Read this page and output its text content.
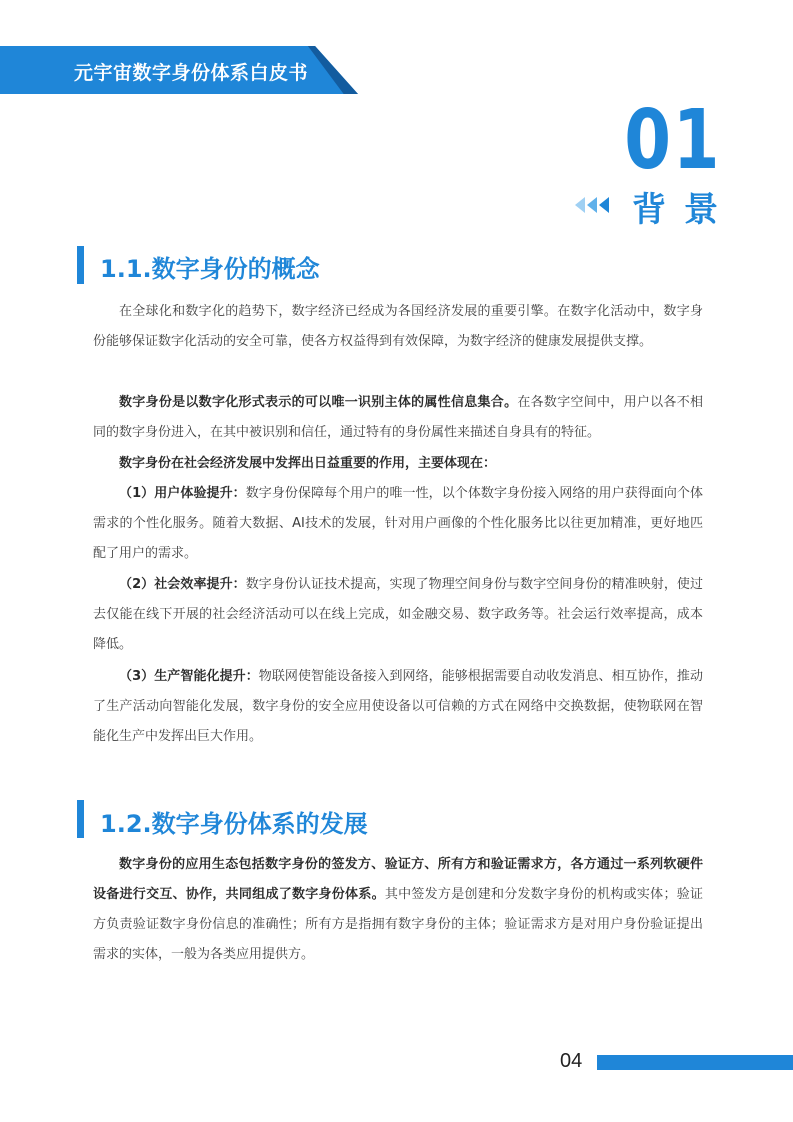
元宇宙数字身份体系白皮书
01
背景
1.1.数字身份的概念

在全球化和数字化的趋势下，数字经济已经成为各国经济发展的重要引擎。在数字化活动中，数字身份能够保证数字化活动的安全可靠，使各方权益得到有效保障，为数字经济的健康发展提供支撑。

数字身份是以数字化形式表示的可以唯一识别主体的属性信息集合。在各数字空间中，用户以各不相同的数字身份进入，在其中被识别和信任，通过特有的身份属性来描述自身具有的特征。

数字身份在社会经济发展中发挥出日益重要的作用，主要体现在：

（1）用户体验提升：数字身份保障每个用户的唯一性，以个体数字身份接入网络的用户获得面向个体需求的个性化服务。随着大数据、AI技术的发展，针对用户画像的个性化服务比以往更加精准，更好地匹配了用户的需求。

（2）社会效率提升：数字身份认证技术提高，实现了物理空间身份与数字空间身份的精准映射，使过去仅能在线下开展的社会经济活动可以在线上完成，如金融交易、数字政务等。社会运行效率提高，成本降低。

（3）生产智能化提升：物联网使智能设备接入到网络，能够根据需要自动收发消息、相互协作，推动了生产活动向智能化发展，数字身份的安全应用使设备以可信赖的方式在网络中交换数据，使物联网在智能化生产中发挥出巨大作用。

1.2.数字身份体系的发展

数字身份的应用生态包括数字身份的签发方、验证方、所有方和验证需求方，各方通过一系列软硬件设备进行交互、协作，共同组成了数字身份体系。其中签发方是创建和分发数字身份的机构或实体；验证方负责验证数字身份信息的准确性；所有方是指拥有数字身份的主体；验证需求方是对用户身份验证提出需求的实体，一般为各类应用提供方。

04
